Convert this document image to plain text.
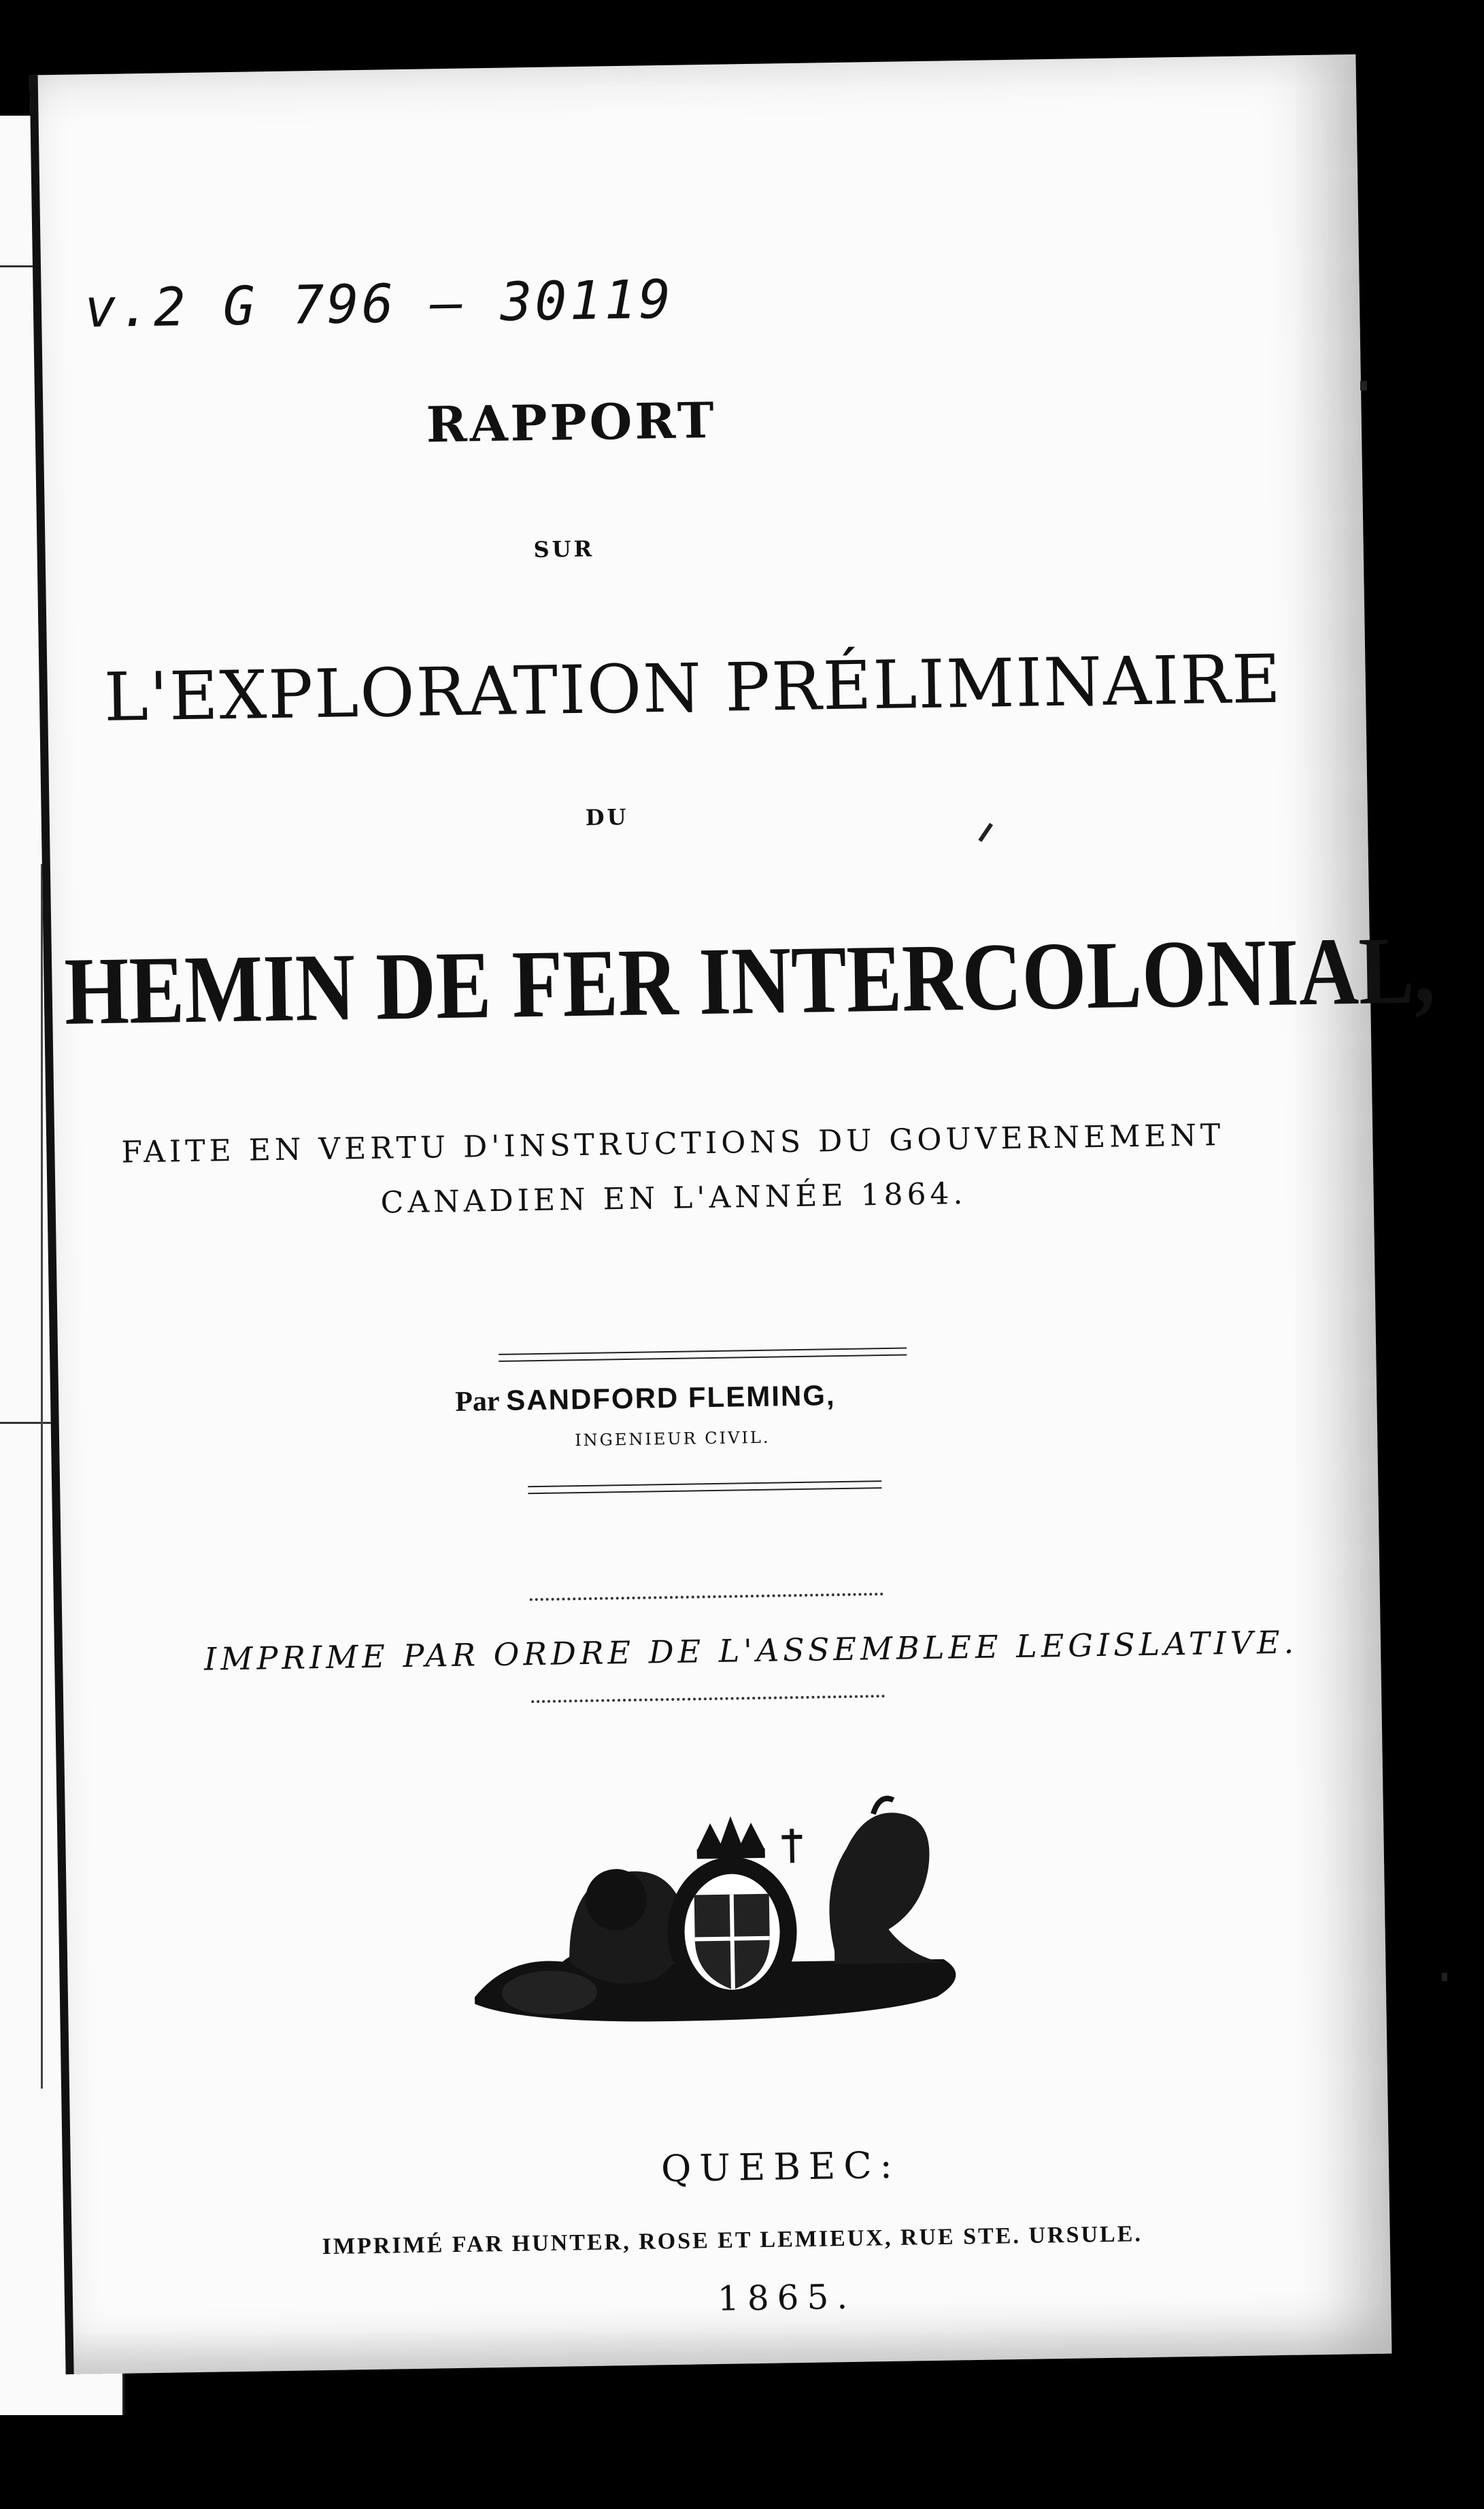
v.2 G 796 — 30119
RAPPORT
SUR
L'EXPLORATION PRÉLIMINAIRE
DU
HEMIN DE FER INTERCOLONIAL,
FAITE EN VERTU D'INSTRUCTIONS DU GOUVERNEMENT
CANADIEN EN L'ANNÉE 1864.
Par SANDFORD FLEMING,
INGENIEUR CIVIL.
IMPRIME PAR ORDRE DE L'ASSEMBLEE LEGISLATIVE.
QUEBEC:
IMPRIMÉ FAR HUNTER, ROSE ET LEMIEUX, RUE STE. URSULE.
1865.
